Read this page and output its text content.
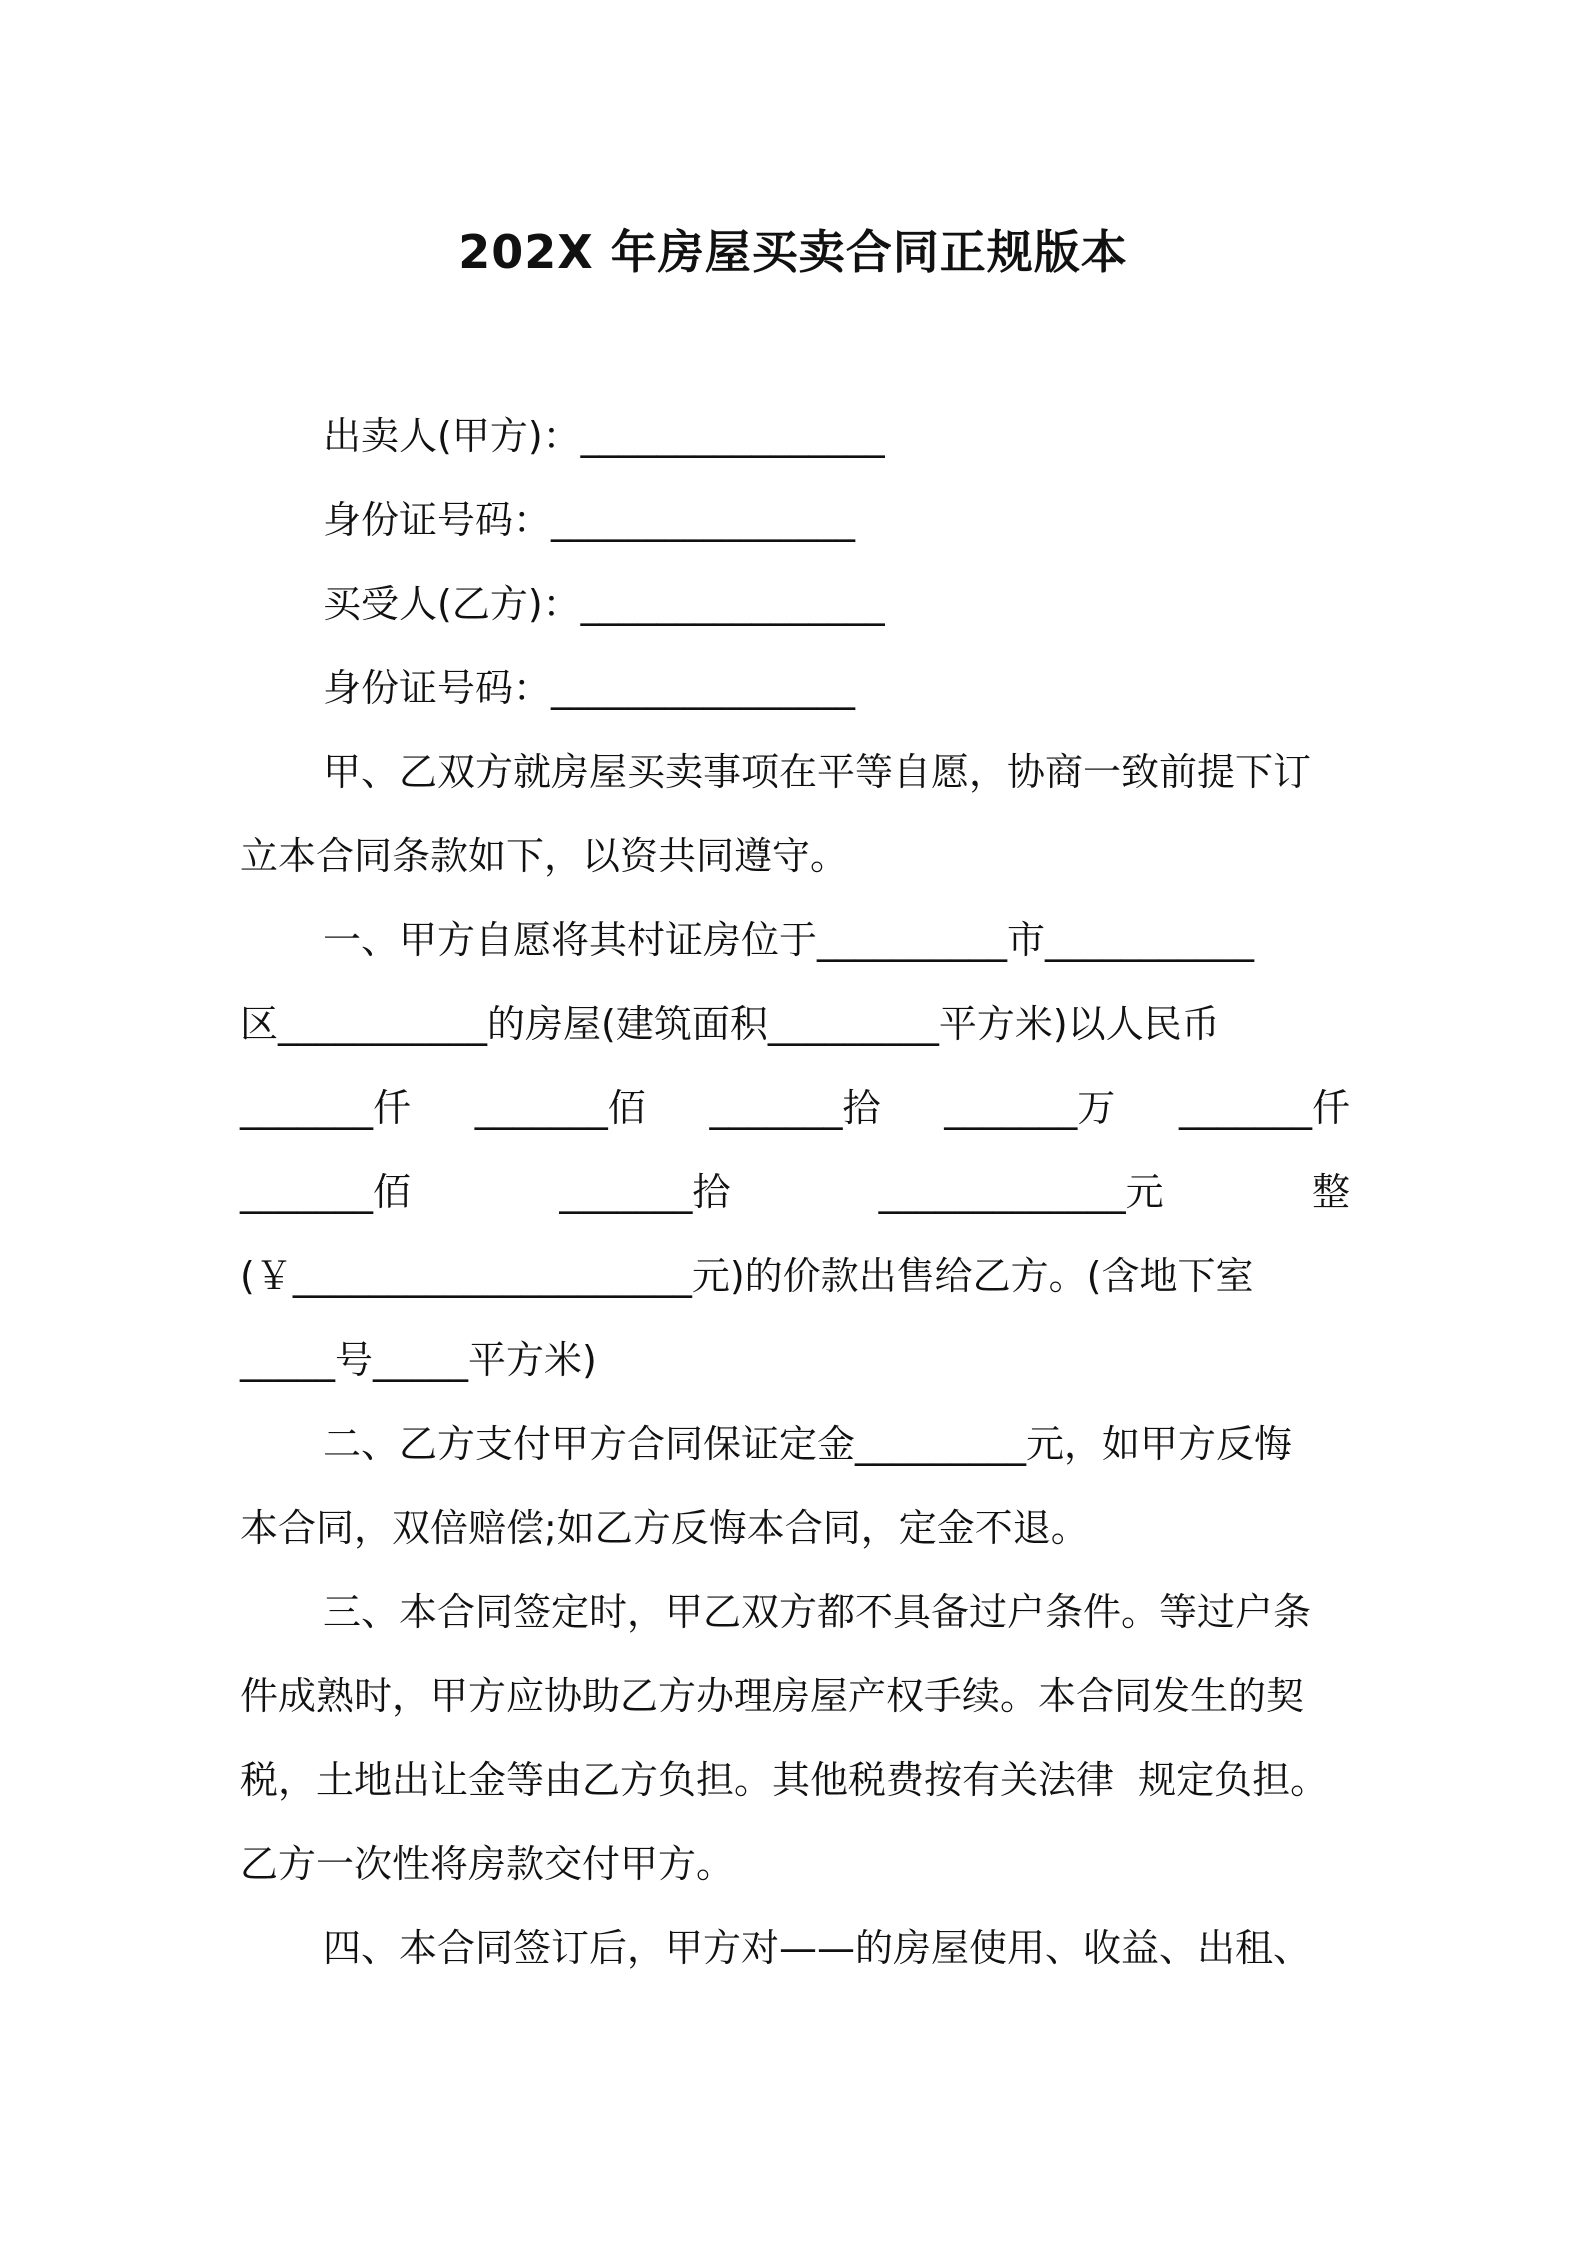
202X 年房屋买卖合同正规版本
出卖人(甲方)：________________
身份证号码：________________
买受人(乙方)：________________
身份证号码：________________
甲、乙双方就房屋买卖事项在平等自愿，协商一致前提下订
立本合同条款如下，以资共同遵守。
一、甲方自愿将其村证房位于__________市___________
区___________的房屋(建筑面积_________平方米)以人民币
_______仟 _______佰 _______拾 _______万 _______仟
_______佰	_______拾	_____________元	整
(￥_____________________元)的价款出售给乙方。(含地下室
_____号_____平方米)
二、乙方支付甲方合同保证定金_________元，如甲方反悔
本合同，双倍赔偿;如乙方反悔本合同，定金不退。
三、本合同签定时，甲乙双方都不具备过户条件。等过户条
件成熟时，甲方应协助乙方办理房屋产权手续。本合同发生的契
税，土地出让金等由乙方负担。其他税费按有关法律  规定负担。
乙方一次性将房款交付甲方。
四、本合同签订后，甲方对——的房屋使用、收益、出租、
